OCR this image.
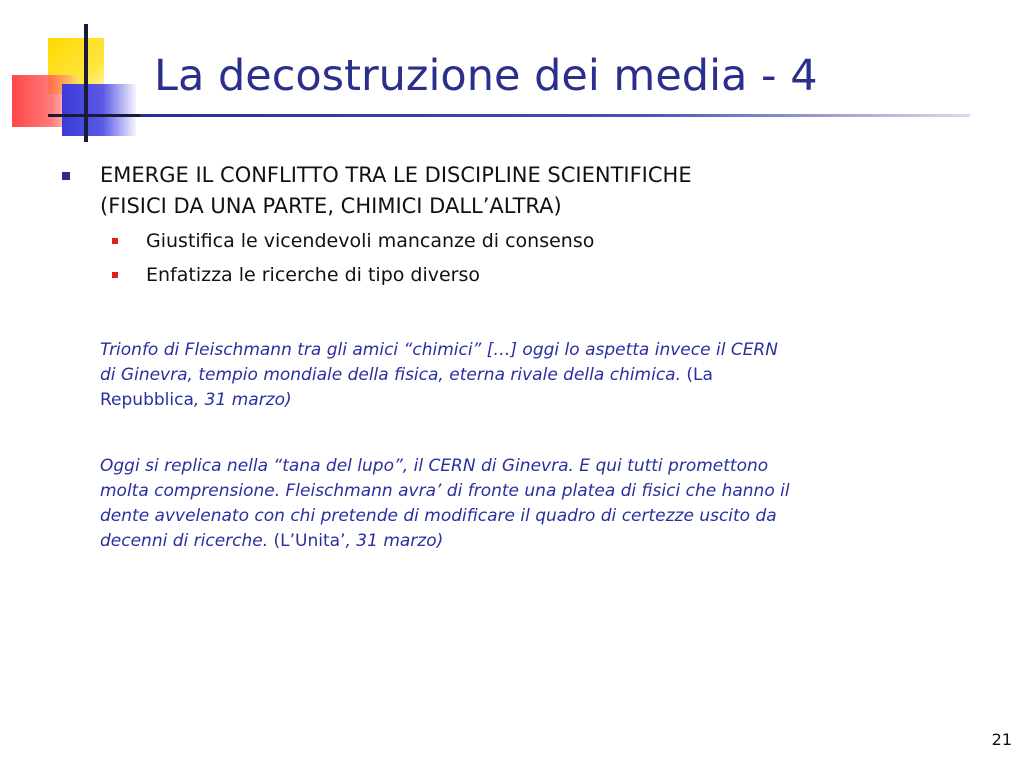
La decostruzione dei media - 4
EMERGE IL CONFLITTO TRA LE DISCIPLINE SCIENTIFICHE
(FISICI DA UNA PARTE, CHIMICI DALL’ALTRA)
Giustifica le vicendevoli mancanze di consenso
Enfatizza le ricerche di tipo diverso
Trionfo di Fleischmann tra gli amici “chimici” […] oggi lo aspetta invece il CERN
di Ginevra, tempio mondiale della fisica, eterna rivale della chimica. (La
Repubblica, 31 marzo)
Oggi si replica nella “tana del lupo”, il CERN di Ginevra. E qui tutti promettono
molta comprensione. Fleischmann avra’ di fronte una platea di fisici che hanno il
dente avvelenato con chi pretende di modificare il quadro di certezze uscito da
decenni di ricerche. (L’Unita’, 31 marzo)
21
